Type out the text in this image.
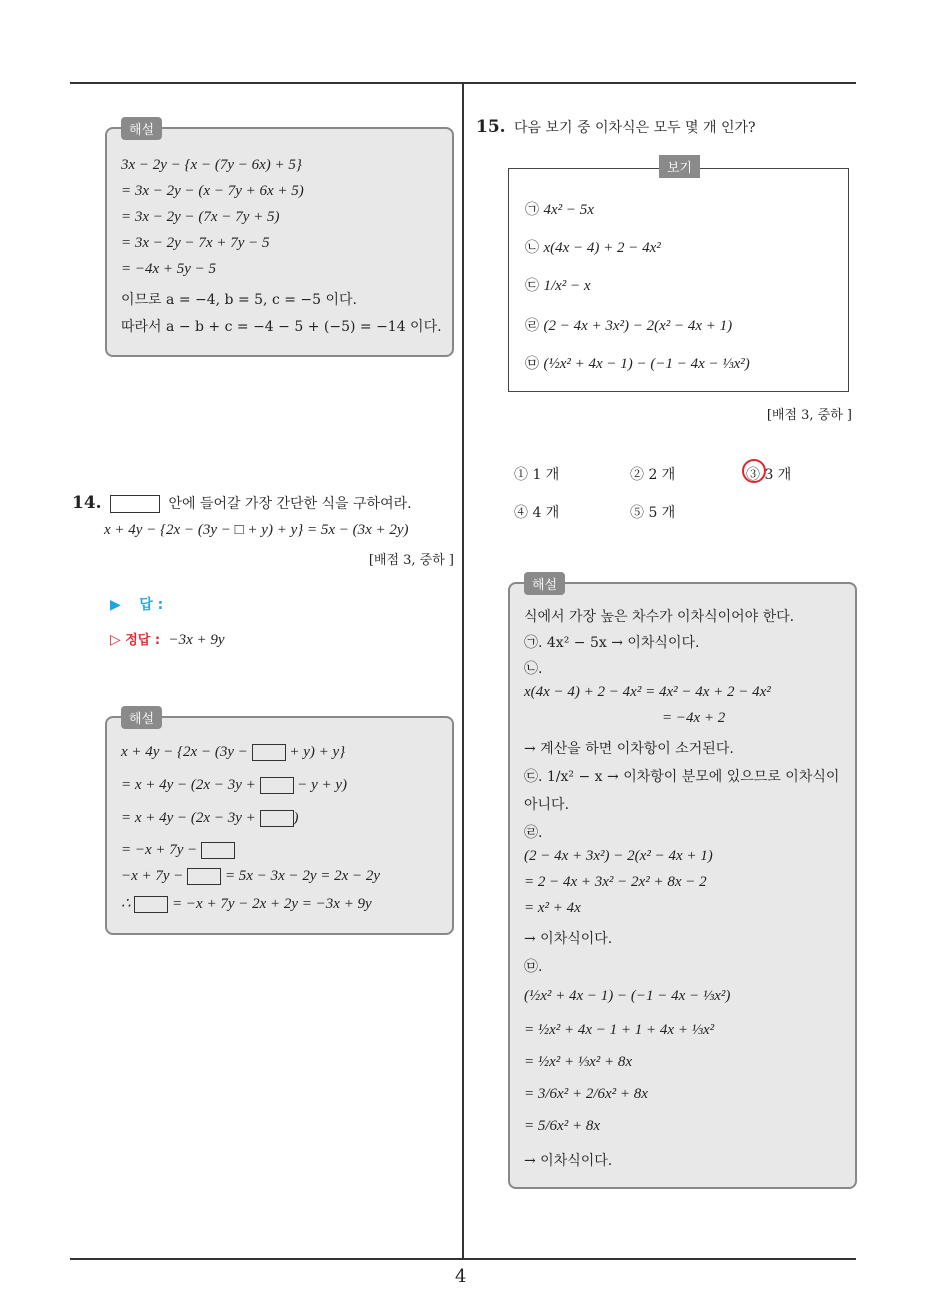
4
해설
3x − 2y − {x − (7y − 6x) + 5}
= 3x − 2y − (x − 7y + 6x + 5)
= 3x − 2y − (7x − 7y + 5)
= 3x − 2y − 7x + 7y − 5
= −4x + 5y − 5
이므로 a = −4, b = 5, c = −5 이다.
따라서 a − b + c = −4 − 5 + (−5) = −14 이다.
14.	안에 들어갈 가장 간단한 식을 구하여라.
x + 4y − {2x − (3y − □ + y) + y} = 5x − (3x + 2y)
[배점 3, 중하 ]
▶ 답 :
▷ 정답 : −3x + 9y
해설
x + 4y − {2x − (3y −	+ y) + y}
= x + 4y − (2x − 3y +	− y + y)
= x + 4y − (2x − 3y +	)
= −x + 7y −
−x + 7y −	= 5x − 3x − 2y = 2x − 2y
∴	= −x + 7y − 2x + 2y = −3x + 9y
15. 다음 보기 중 이차식은 모두 몇 개 인가?
보기
㉠ 4x² − 5x
㉡ x(4x − 4) + 2 − 4x²
㉢ 1/x² − x
㉣ (2 − 4x + 3x²) − 2(x² − 4x + 1)
㉤ (½x² + 4x − 1) − (−1 − 4x − ⅓x²)
[배점 3, 중하 ]
① 1 개	② 2 개	③ 3 개
④ 4 개	⑤ 5 개
해설
식에서 가장 높은 차수가 이차식이어야 한다.
㉠. 4x² − 5x → 이차식이다.
㉡.
x(4x − 4) + 2 − 4x² = 4x² − 4x + 2 − 4x²
= −4x + 2
→ 계산을 하면 이차항이 소거된다.
㉢. 1/x² − x → 이차항이 분모에 있으므로 이차식이
아니다.
㉣.
(2 − 4x + 3x²) − 2(x² − 4x + 1)
= 2 − 4x + 3x² − 2x² + 8x − 2
= x² + 4x
→ 이차식이다.
㉤.
(½x² + 4x − 1) − (−1 − 4x − ⅓x²)
= ½x² + 4x − 1 + 1 + 4x + ⅓x²
= ½x² + ⅓x² + 8x
= 3/6x² + 2/6x² + 8x
= 5/6x² + 8x
→ 이차식이다.
